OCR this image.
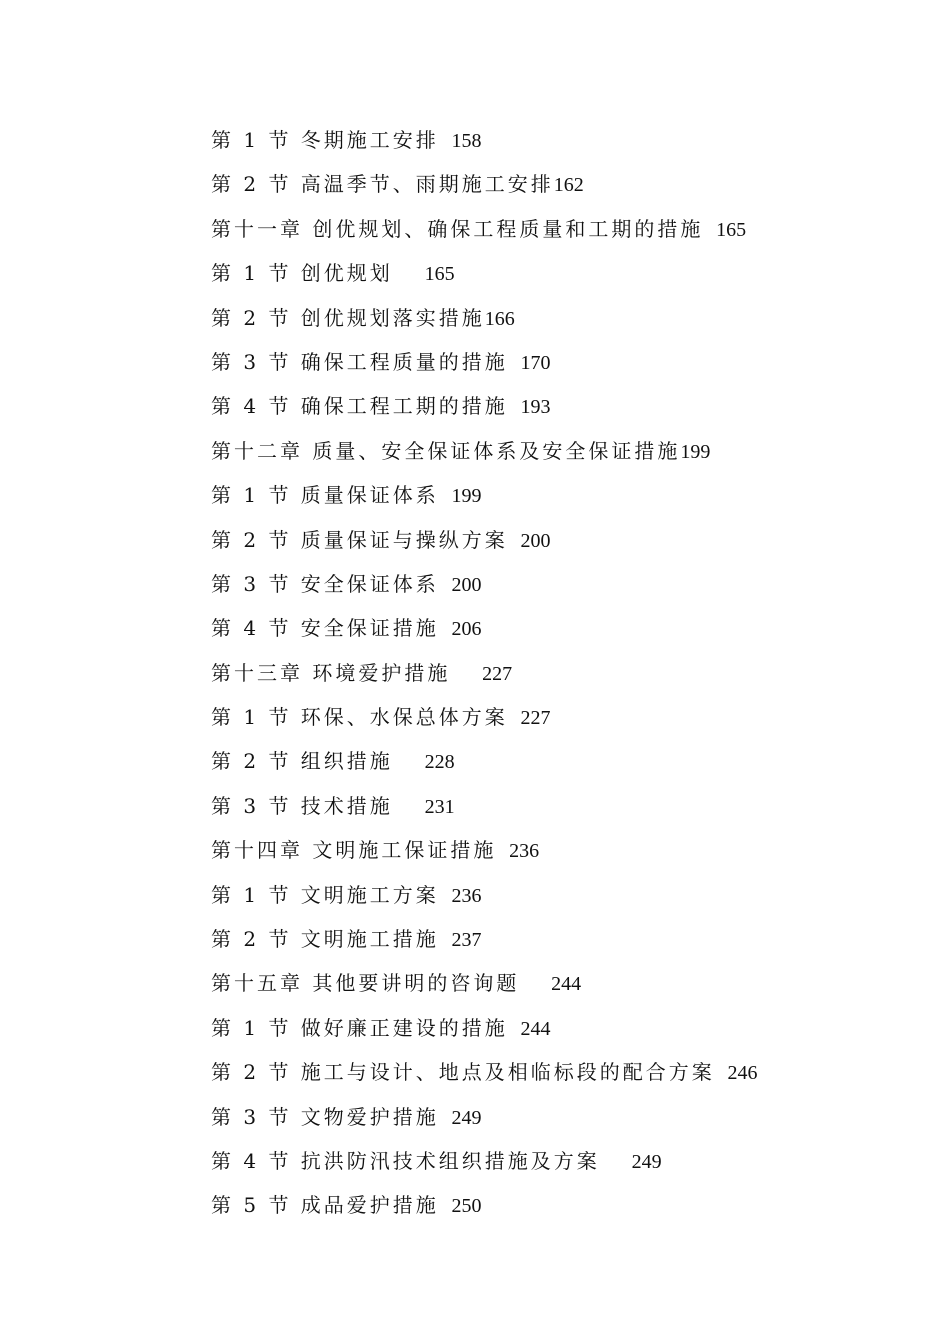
第 1 节 冬期施工安排 158
第 2 节 高温季节、雨期施工安排162
第十一章 创优规划、确保工程质量和工期的措施 165
第 1 节 创优规划 165
第 2 节 创优规划落实措施166
第 3 节 确保工程质量的措施 170
第 4 节 确保工程工期的措施 193
第十二章 质量、安全保证体系及安全保证措施199
第 1 节 质量保证体系 199
第 2 节 质量保证与操纵方案 200
第 3 节 安全保证体系 200
第 4 节 安全保证措施 206
第十三章 环境爱护措施 227
第 1 节 环保、水保总体方案 227
第 2 节 组织措施 228
第 3 节 技术措施 231
第十四章 文明施工保证措施 236
第 1 节 文明施工方案 236
第 2 节 文明施工措施 237
第十五章 其他要讲明的咨询题 244
第 1 节 做好廉正建设的措施 244
第 2 节 施工与设计、地点及相临标段的配合方案 246
第 3 节 文物爱护措施 249
第 4 节 抗洪防汛技术组织措施及方案 249
第 5 节 成品爱护措施 250
